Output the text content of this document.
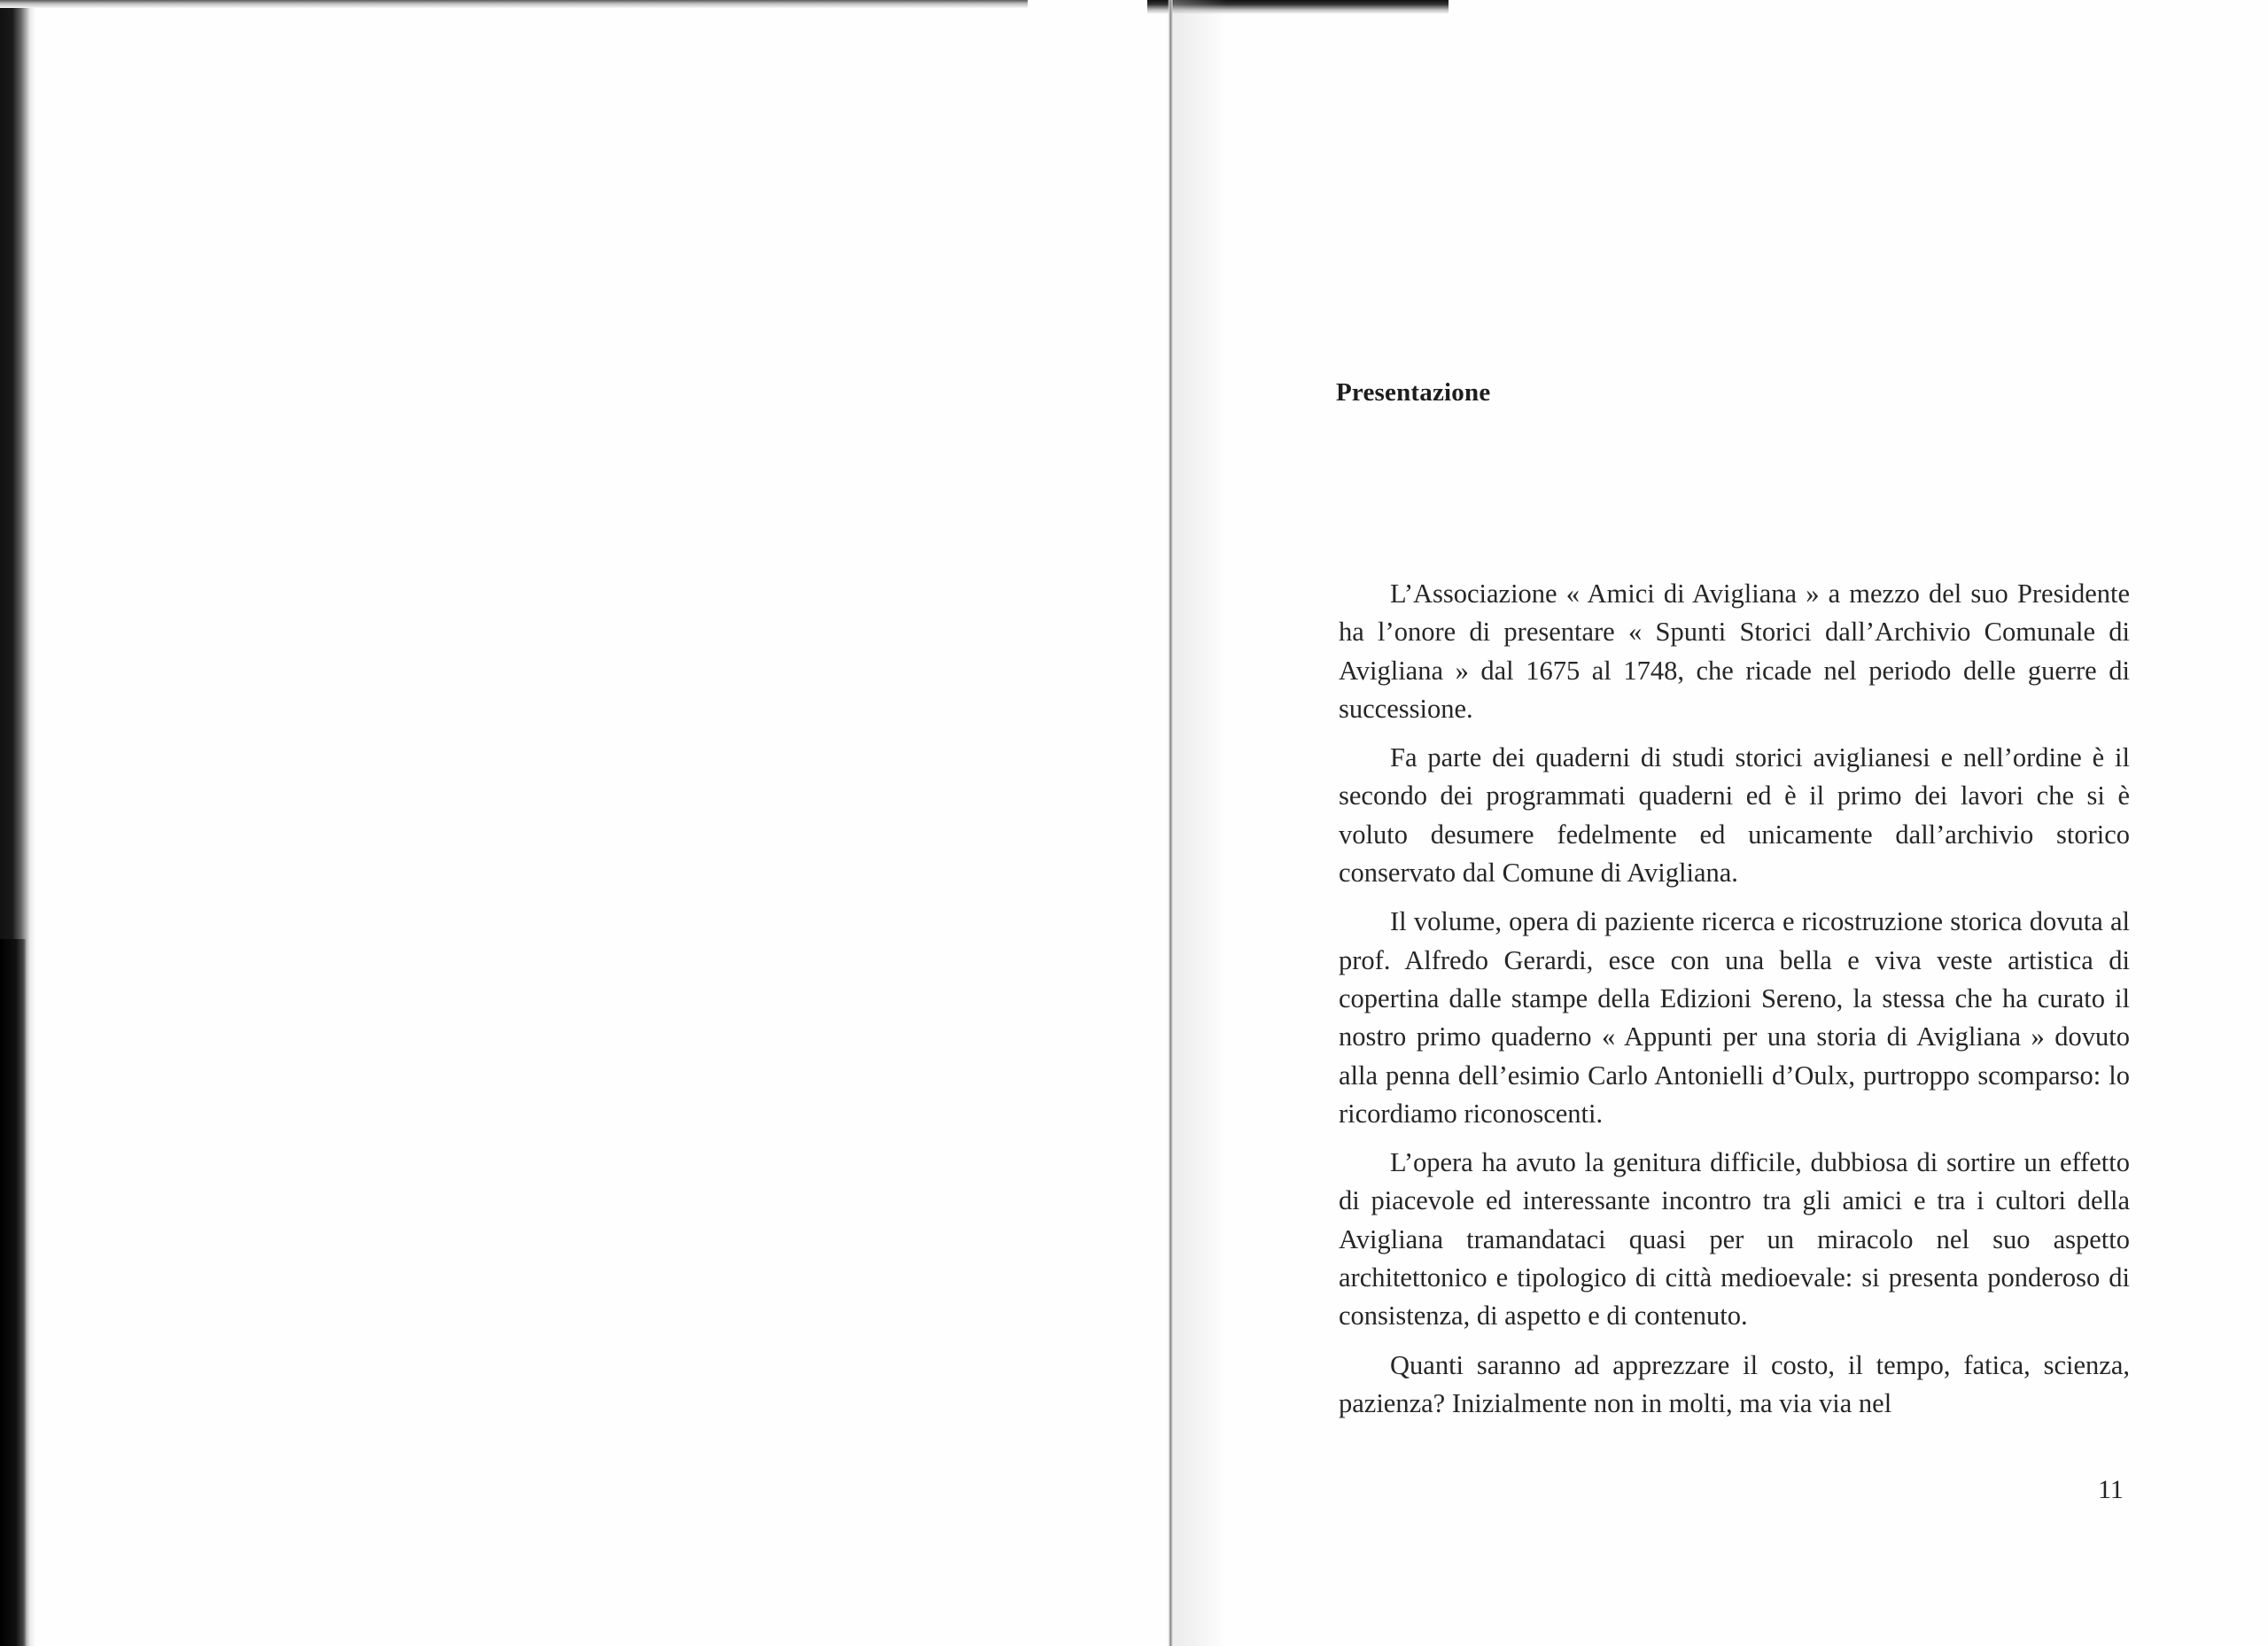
Presentazione

L’Associazione « Amici di Avigliana » a mezzo del suo Presidente ha l’onore di presentare « Spunti Storici dall’Archivio Comunale di Avigliana » dal 1675 al 1748, che ricade nel periodo delle guerre di successione.

Fa parte dei quaderni di studi storici aviglianesi e nell’ordine è il secondo dei programmati quaderni ed è il primo dei lavori che si è voluto desumere fedelmente ed unicamente dall’archivio storico conservato dal Comune di Avigliana.

Il volume, opera di paziente ricerca e ricostruzione storica dovuta al prof. Alfredo Gerardi, esce con una bella e viva veste artistica di copertina dalle stampe della Edizioni Sereno, la stessa che ha curato il nostro primo quaderno « Appunti per una storia di Avigliana » dovuto alla penna dell’esimio Carlo Antonielli d’Oulx, purtroppo scomparso: lo ricordiamo riconoscenti.

L’opera ha avuto la genitura difficile, dubbiosa di sortire un effetto di piacevole ed interessante incontro tra gli amici e tra i cultori della Avigliana tramandataci quasi per un miracolo nel suo aspetto architettonico e tipologico di città medioevale: si presenta ponderoso di consistenza, di aspetto e di contenuto.

Quanti saranno ad apprezzare il costo, il tempo, fatica, scienza, pazienza? Inizialmente non in molti, ma via via nel

11
